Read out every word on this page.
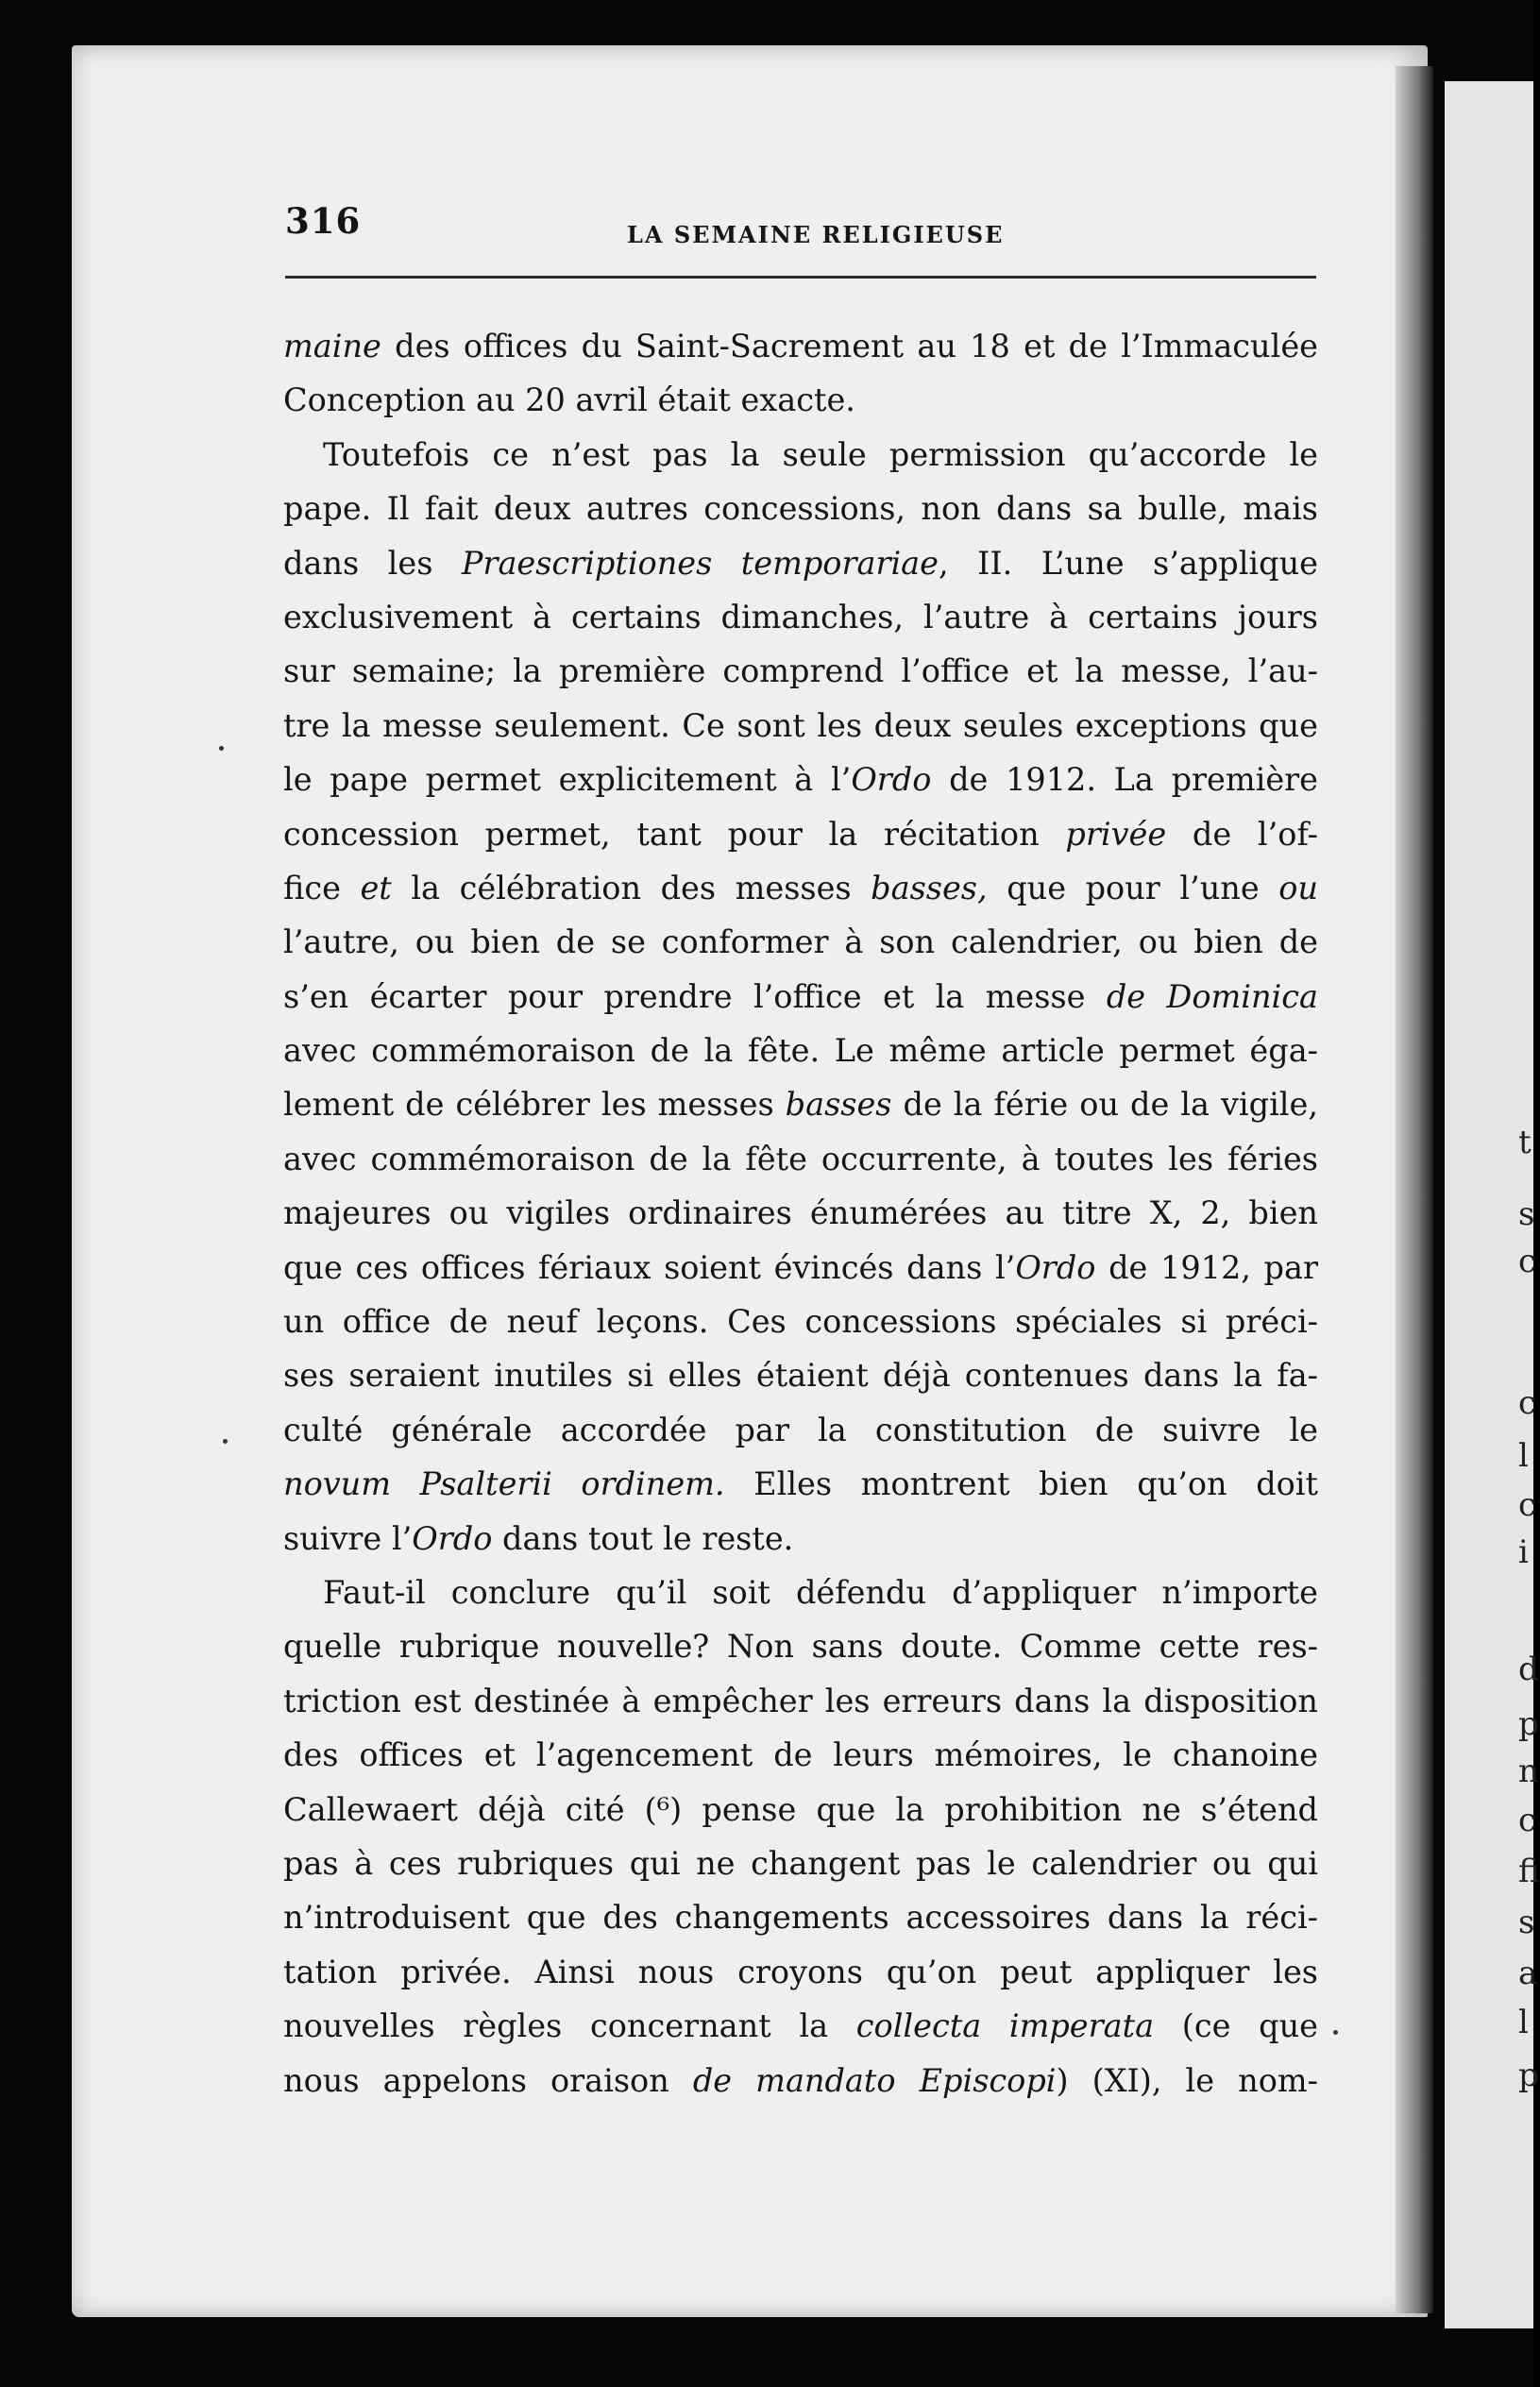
t
s
c
c
l
c
i
d
p
n
c
fi
s
a
l
p
316	LA SEMAINE RELIGIEUSE
maine des offices du Saint-Sacrement au 18 et de l’Immaculée
Conception au 20 avril était exacte.
Toutefois ce n’est pas la seule permission qu’accorde le
pape. Il fait deux autres concessions, non dans sa bulle, mais
dans les Praescriptiones temporariae, II. L’une s’applique
exclusivement à certains dimanches, l’autre à certains jours
sur semaine; la première comprend l’office et la messe, l’au-
tre la messe seulement. Ce sont les deux seules exceptions que
le pape permet explicitement à l’Ordo de 1912. La première
concession permet, tant pour la récitation privée de l’of-
fice et la célébration des messes basses, que pour l’une ou
l’autre, ou bien de se conformer à son calendrier, ou bien de
s’en écarter pour prendre l’office et la messe de Dominica
avec commémoraison de la fête. Le même article permet éga-
lement de célébrer les messes basses de la férie ou de la vigile,
avec commémoraison de la fête occurrente, à toutes les féries
majeures ou vigiles ordinaires énumérées au titre X, 2, bien
que ces offices fériaux soient évincés dans l’Ordo de 1912, par
un office de neuf leçons. Ces concessions spéciales si préci-
ses seraient inutiles si elles étaient déjà contenues dans la fa-
culté générale accordée par la constitution de suivre le
novum Psalterii ordinem. Elles montrent bien qu’on doit
suivre l’Ordo dans tout le reste.
Faut-il conclure qu’il soit défendu d’appliquer n’importe
quelle rubrique nouvelle? Non sans doute. Comme cette res-
triction est destinée à empêcher les erreurs dans la disposition
des offices et l’agencement de leurs mémoires, le chanoine
Callewaert déjà cité (⁶) pense que la prohibition ne s’étend
pas à ces rubriques qui ne changent pas le calendrier ou qui
n’introduisent que des changements accessoires dans la réci-
tation privée. Ainsi nous croyons qu’on peut appliquer les
nouvelles règles concernant la collecta imperata (ce que
nous appelons oraison de mandato Episcopi) (XI), le nom-
